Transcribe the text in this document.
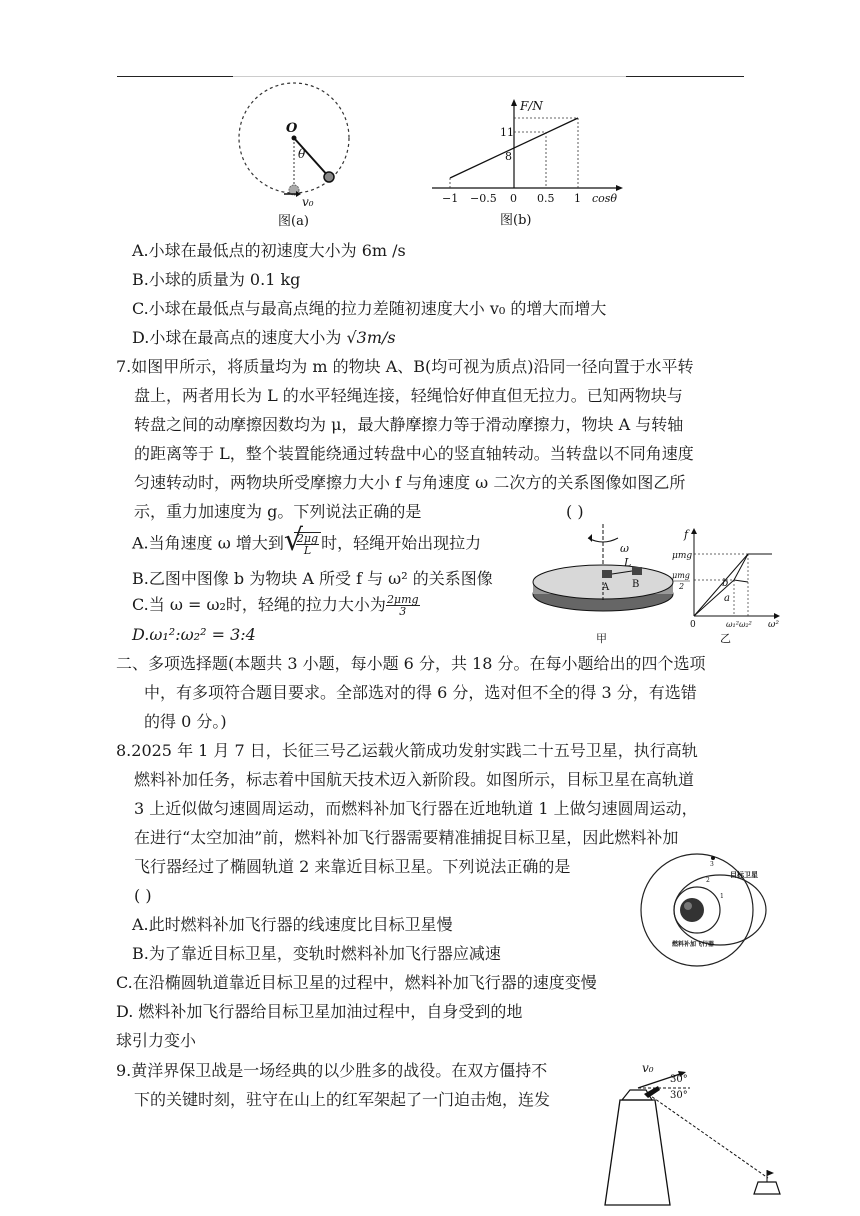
O
θ
v₀
图(a)
F/N
11
8
−1 −0.5 0 0.5 1 cosθ
图(b)
A.小球在最低点的初速度大小为 6m /s
B.小球的质量为 0.1 kg
C.小球在最低点与最高点绳的拉力差随初速度大小 v₀ 的增大而增大
D.小球在最高点的速度大小为 √3m/s
7.如图甲所示，将质量均为 m 的物块 A、B(均可视为质点)沿同一径向置于水平转
盘上，两者用长为 L 的水平轻绳连接，轻绳恰好伸直但无拉力。已知两物块与
转盘之间的动摩擦因数均为 μ，最大静摩擦力等于滑动摩擦力，物块 A 与转轴
的距离等于 L，整个装置能绕通过转盘中心的竖直轴转动。当转盘以不同角速度
匀速转动时，两物块所受摩擦力大小 f 与角速度 ω 二次方的关系图像如图乙所
示，重力加速度为 g。下列说法正确的是	( )
A.当角速度 ω 增大到 √
$\frac{2\mu g}{L}$ 时，轻绳开始出现拉力
B.乙图中图像 b 为物块 A 所受 f 与 ω² 的关系图像
C.当 ω = ω₂时，轻绳的拉力大小为 $\frac{\text{2μmg}}{3}$
D.ω₁²:ω₂² = 3:4
ω
L
A B
甲
f
μmg
μmg
2	b
a
0	ω₁²ω₂² ω²
乙
二、多项选择题(本题共 3 小题，每小题 6 分，共 18 分。在每小题给出的四个选项
中，有多项符合题目要求。全部选对的得 6 分，选对但不全的得 3 分，有选错
的得 0 分。)
8.2025 年 1 月 7 日，长征三号乙运载火箭成功发射实践二十五号卫星，执行高轨
燃料补加任务，标志着中国航天技术迈入新阶段。如图所示，目标卫星在高轨道
3 上近似做匀速圆周运动，而燃料补加飞行器在近地轨道 1 上做匀速圆周运动，
在进行“太空加油”前，燃料补加飞行器需要精准捕捉目标卫星，因此燃料补加
飞行器经过了椭圆轨道 2 来靠近目标卫星。下列说法正确的是
( )
A.此时燃料补加飞行器的线速度比目标卫星慢
B.为了靠近目标卫星，变轨时燃料补加飞行器应减速
C.在沿椭圆轨道靠近目标卫星的过程中，燃料补加飞行器的速度变慢
D. 燃料补加飞行器给目标卫星加油过程中，自身受到的地
球引力变小
3
2
1
目标卫星
燃料补加飞行器
9.黄洋界保卫战是一场经典的以少胜多的战役。在双方僵持不
下的关键时刻，驻守在山上的红军架起了一门迫击炮，连发
v₀
30°
30°
